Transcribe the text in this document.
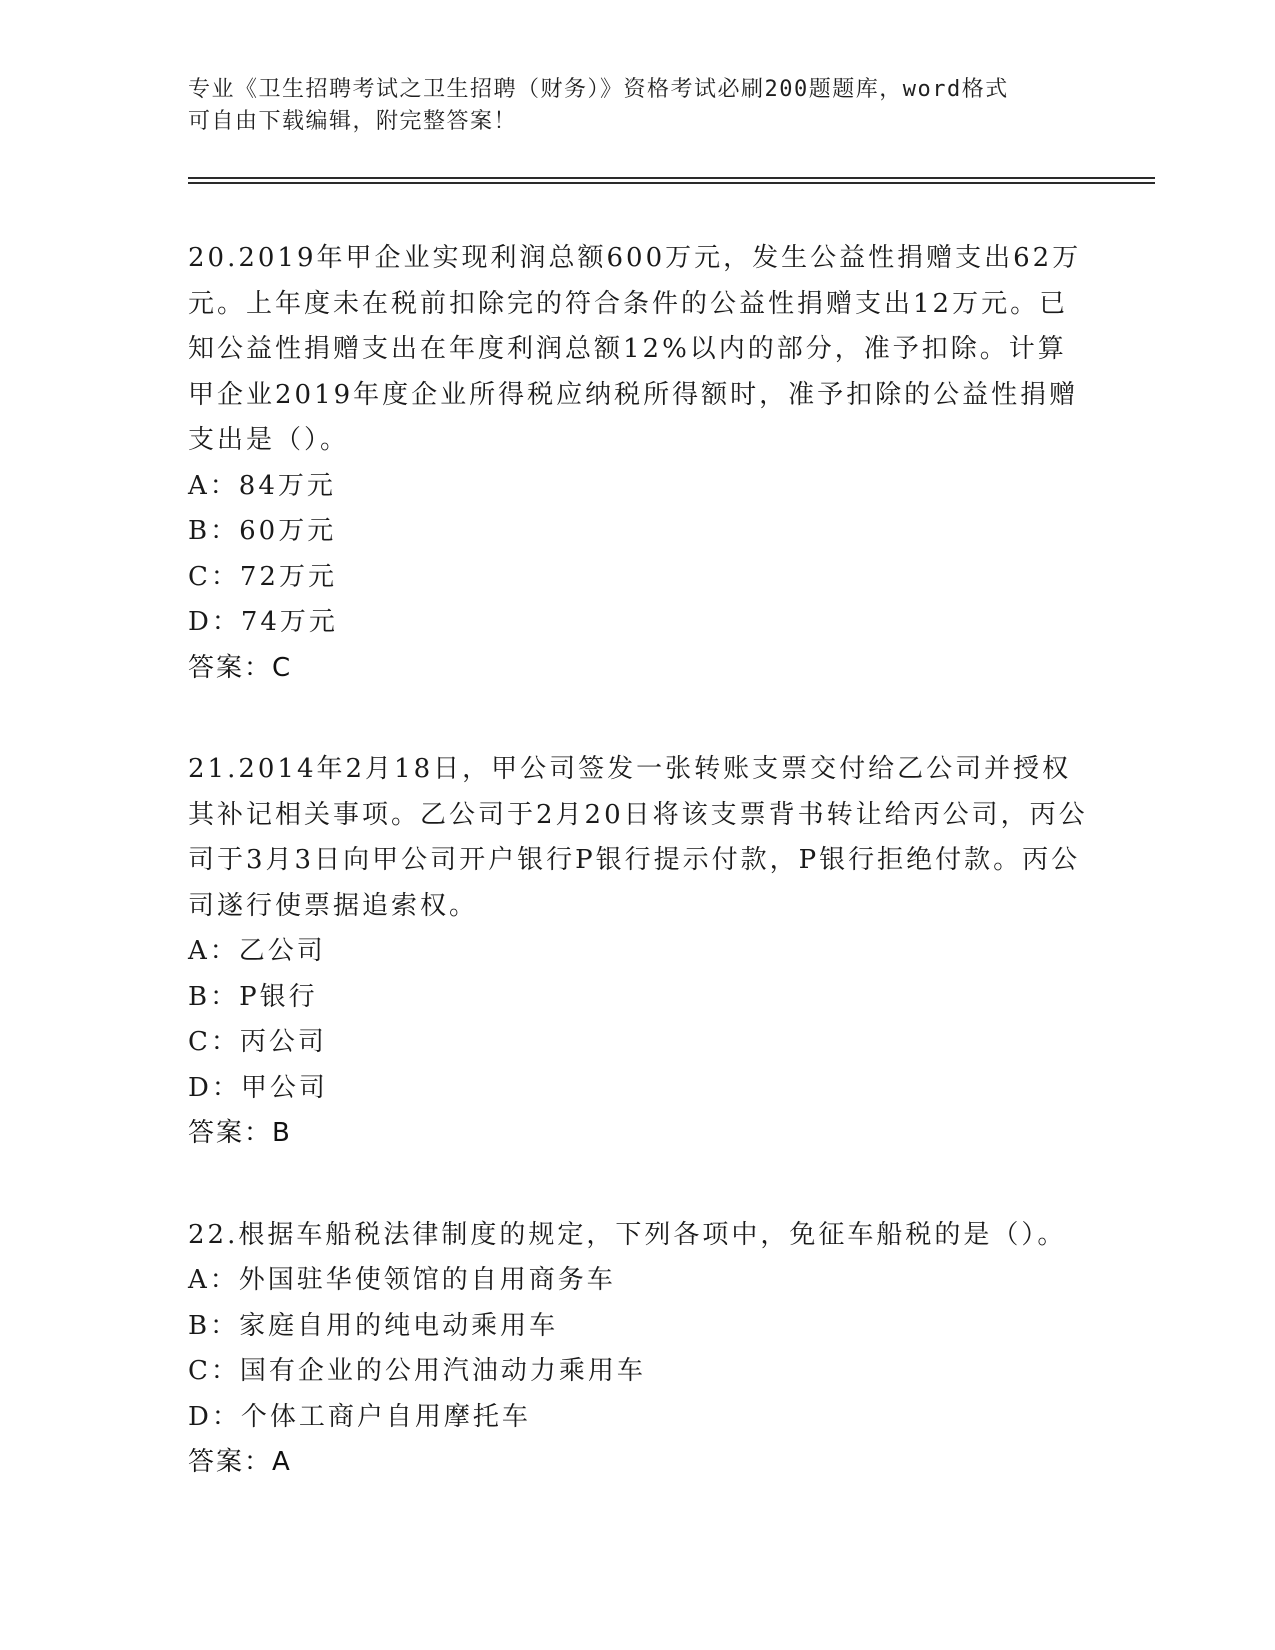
专业《卫生招聘考试之卫生招聘（财务）》资格考试必刷200题题库，word格式
可自由下载编辑，附完整答案！

20.2019年甲企业实现利润总额600万元，发生公益性捐赠支出62万元。上年度未在税前扣除完的符合条件的公益性捐赠支出12万元。已知公益性捐赠支出在年度利润总额12%以内的部分，准予扣除。计算甲企业2019年度企业所得税应纳税所得额时，准予扣除的公益性捐赠支出是（）。

A：84万元

B：60万元

C：72万元

D：74万元

答案：C

21.2014年2月18日，甲公司签发一张转账支票交付给乙公司并授权其补记相关事项。乙公司于2月20日将该支票背书转让给丙公司，丙公司于3月3日向甲公司开户银行P银行提示付款，P银行拒绝付款。丙公司遂行使票据追索权。

A：乙公司

B：P银行

C：丙公司

D：甲公司

答案：B

22.根据车船税法律制度的规定，下列各项中，免征车船税的是（）。

A：外国驻华使领馆的自用商务车

B：家庭自用的纯电动乘用车

C：国有企业的公用汽油动力乘用车

D：个体工商户自用摩托车

答案：A
